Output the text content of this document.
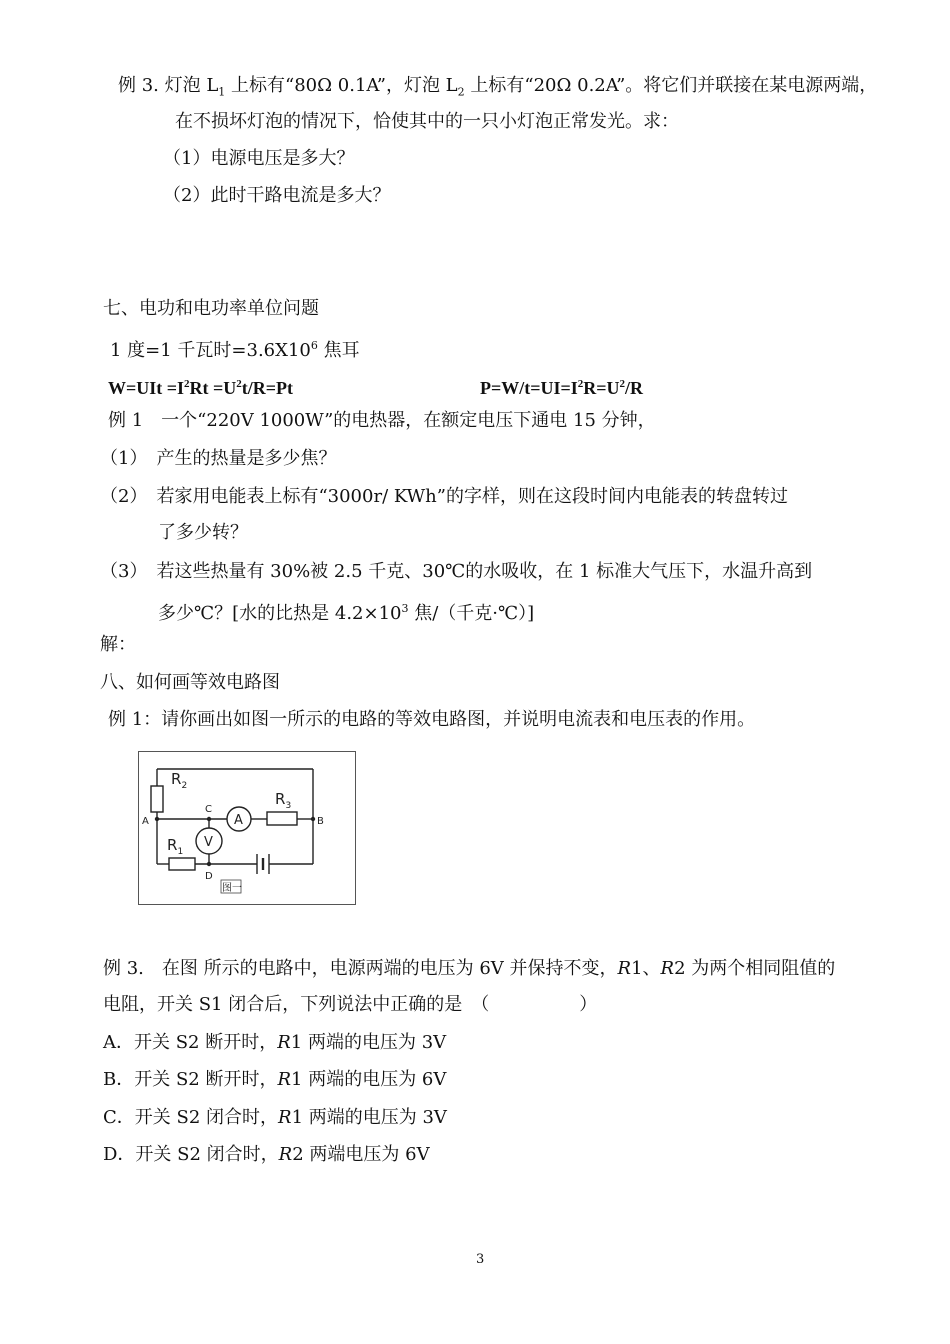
例 3. 灯泡 $L_1$ 上标有“80Ω 0.1A”，灯泡 $L_2$ 上标有“20Ω 0.2A”。将它们并联接在某电源两端，
在不损坏灯泡的情况下，恰使其中的一只小灯泡正常发光。求：
（1）电源电压是多大？
（2）此时干路电流是多大？
七、电功和电功率单位问题
1 度=1 千瓦时$=3.6X10^6$ 焦耳
$W=UIt =I^2Rt =U^2t/R=Pt$	$P=W/t=UI=I^2R=U^2/R$
例 1　一个“220V 1000W”的电热器，在额定电压下通电 15 分钟，
（1）　产生的热量是多少焦？
（2）　若家用电能表上标有“3000r/ KWh”的字样，则在这段时间内电能表的转盘转过
了多少转？
（3）　若这些热量有 30%被 2.5 千克、30℃的水吸收，在 1 标准大气压下，水温升高到
多少℃？[水的比热是 $4.2\times 10^3$ 焦/（千克·℃）]
解：
八、如何画等效电路图
例 1：请你画出如图一所示的电路的等效电路图，并说明电流表和电压表的作用。
$R_2$
$R_3$
$R_1$
A	B
C
D
A
V
图一
例 3.　在图 所示的电路中，电源两端的电压为 6V 并保持不变，R1、R2 为两个相同阻值的
电阻，开关 S1 闭合后，下列说法中正确的是　（　　　　　）
A．开关 S2 断开时，R1 两端的电压为 3V
B．开关 S2 断开时，R1 两端的电压为 6V
C．开关 S2 闭合时，R1 两端的电压为 3V
D．开关 S2 闭合时，R2 两端电压为 6V
3
